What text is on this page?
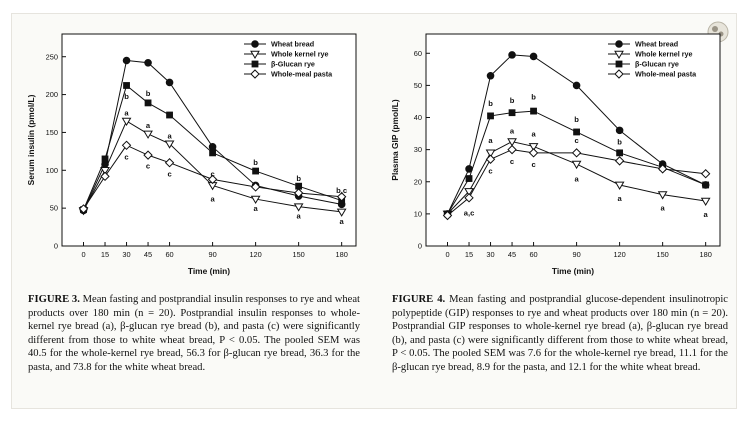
0 15 30 45 60	90	120	150	180
0
50
100
150
200
250
Time (min)
Serum insulin (pmol/L)	b
a
c
b
a
c
a
c	c
a
b
a
b
a
b,c
a
Wheat bread
Whole kernel rye
β-Glucan rye
Whole-meal pasta
0 15 30 45 60	90	120	150	180
0
10
20
30
40
50
60
Time (min)
Plasma GIP (pmol/L)
a,c
b
a
c
b
a
c
b
a
c
b
c
a
b
a
a
a
Wheat bread
Whole kernel rye
β-Glucan rye
Whole-meal pasta
FIGURE 3. Mean fasting and postprandial insulin responses to rye and wheat products over 180 min (n = 20). Postprandial insulin responses to whole-kernel rye bread (a), β-glucan rye bread (b), and pasta (c) were significantly different from those to white wheat bread, P < 0.05. The pooled SEM was 40.5 for the whole-kernel rye bread, 56.3 for β-glucan rye bread, 36.3 for the pasta, and 73.8 for the white wheat bread.
FIGURE 4. Mean fasting and postprandial glucose-dependent insulinotropic polypeptide (GIP) responses to rye and wheat products over 180 min (n = 20). Postprandial GIP responses to whole-kernel rye bread (a), β-glucan rye bread (b), and pasta (c) were significantly different from those to white wheat bread, P < 0.05. The pooled SEM was 7.6 for the whole-kernel rye bread, 11.1 for the β-glucan rye bread, 8.9 for the pasta, and 12.1 for the white wheat bread.
